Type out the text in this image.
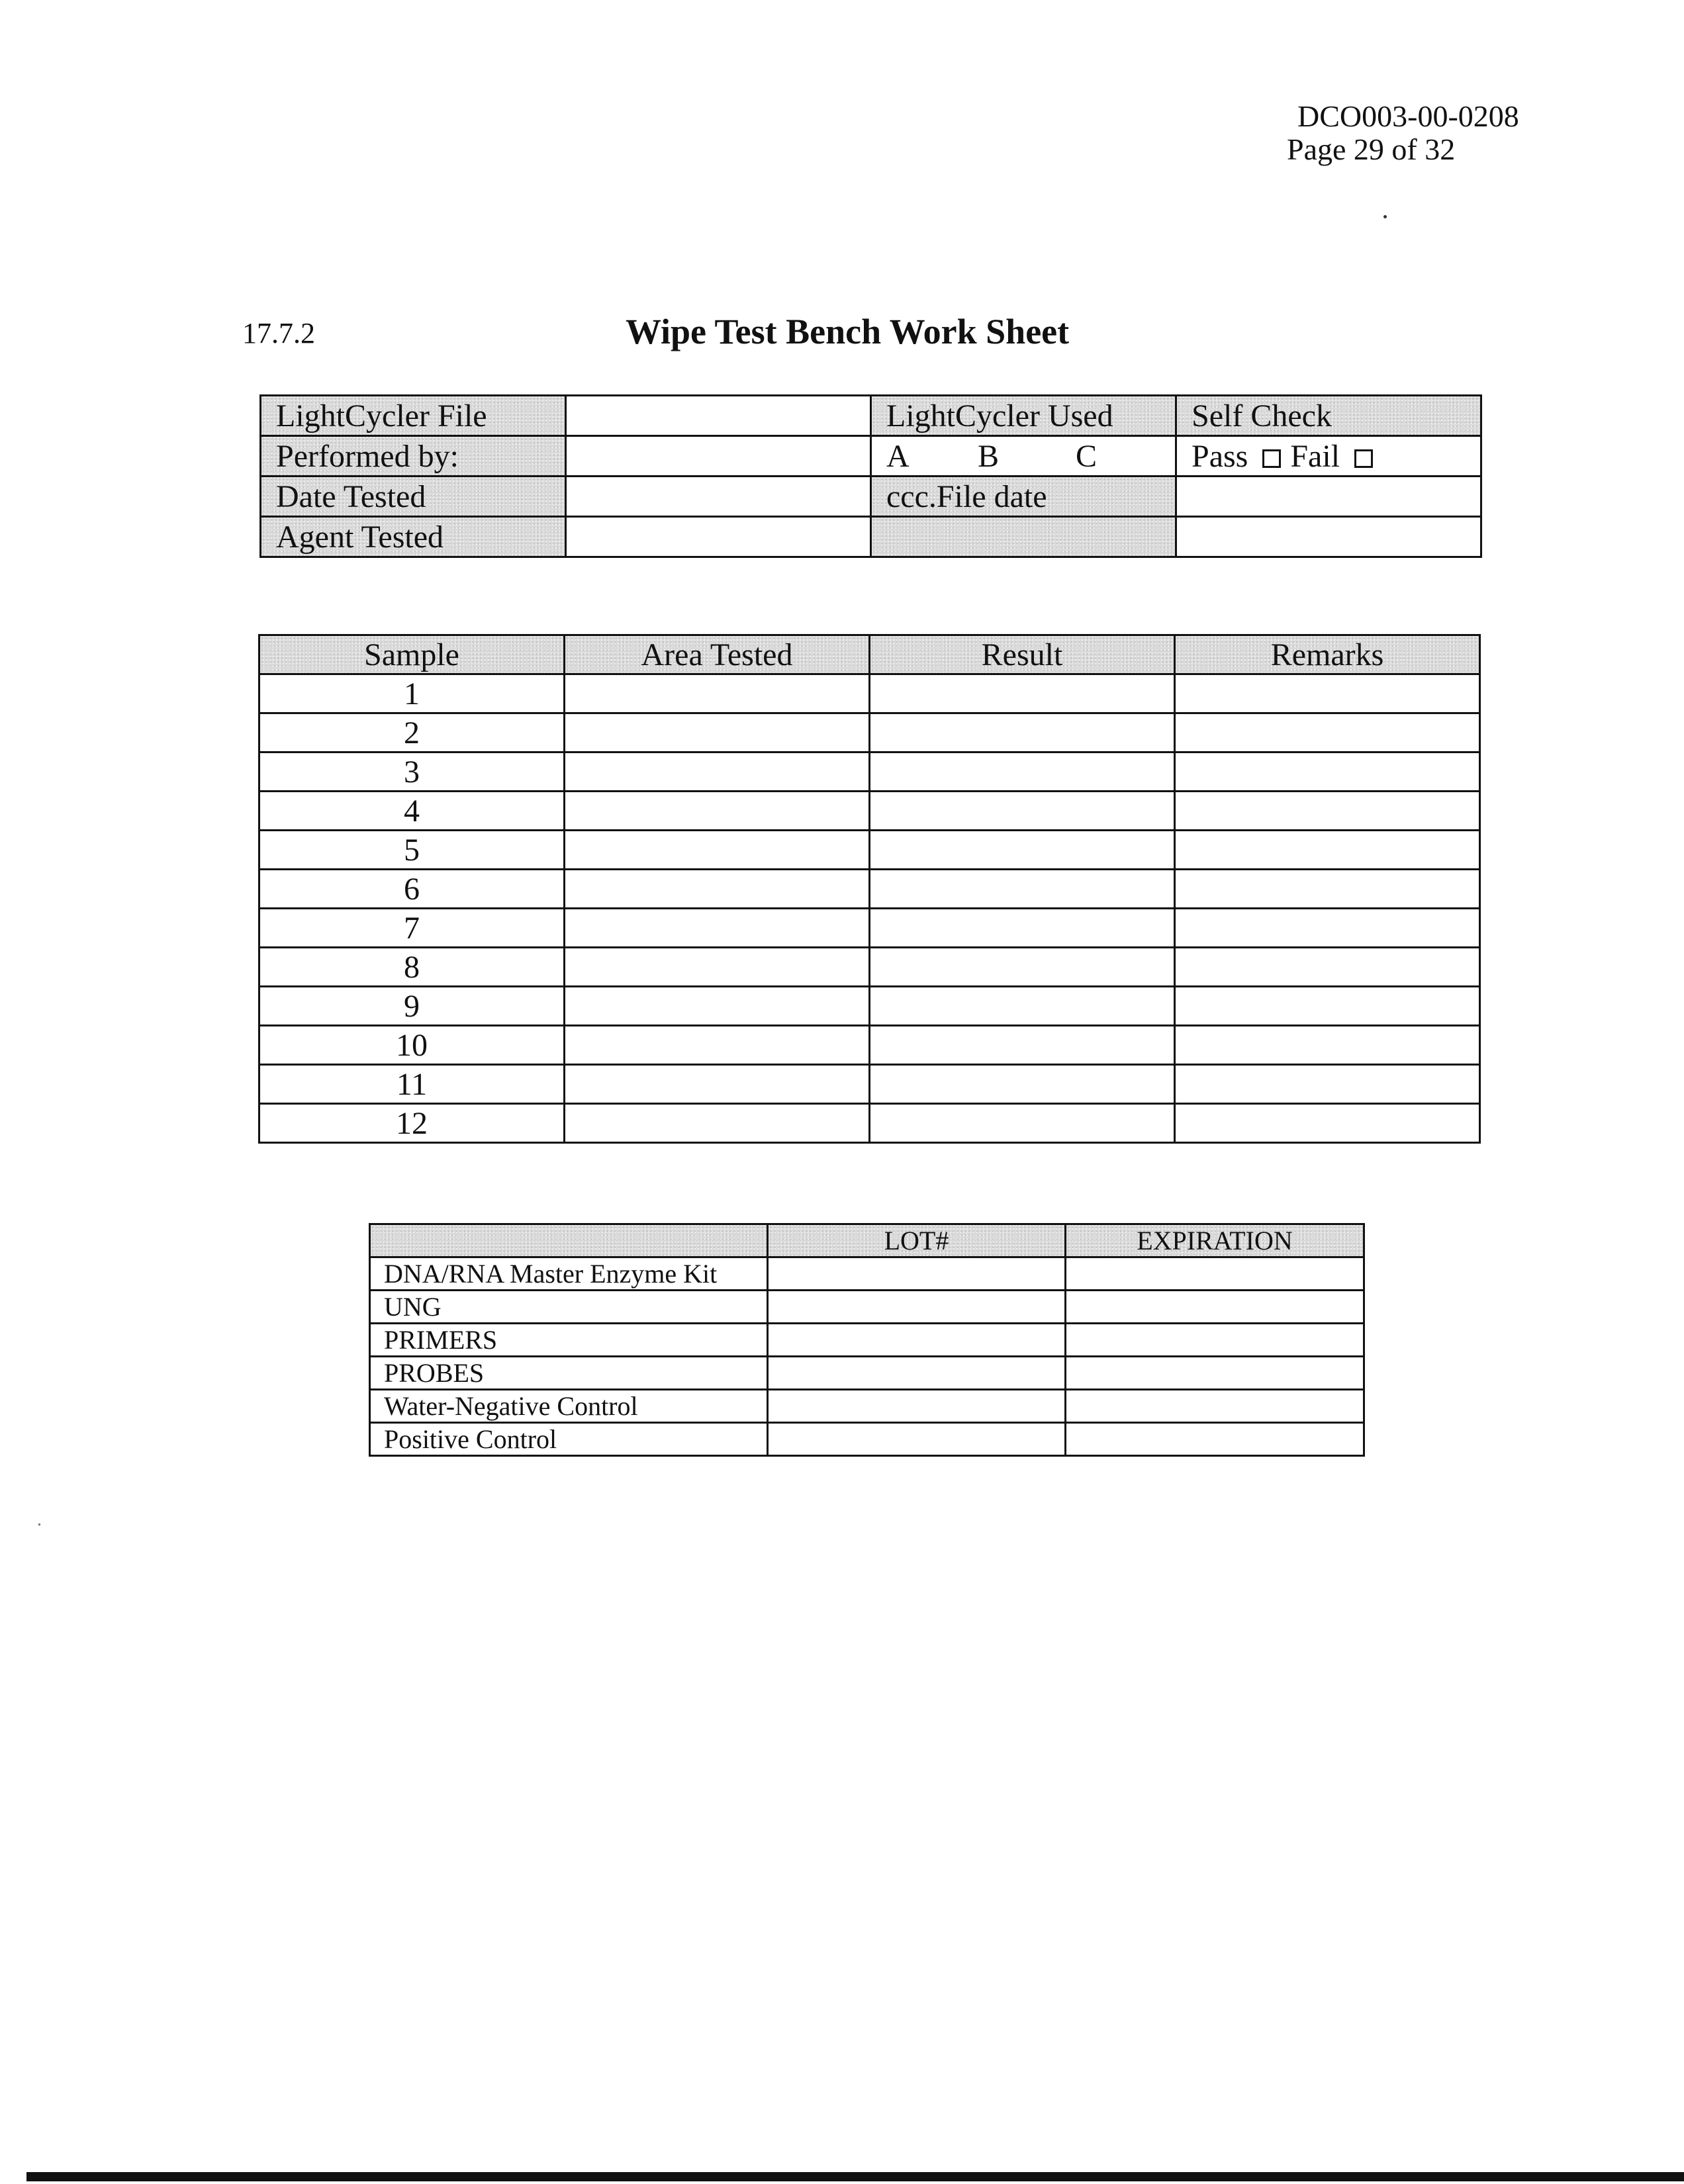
DCO003-00-0208
Page 29 of 32
17.7.2	Wipe Test Bench Work Sheet
LightCycler File		LightCycler Used	Self Check
Performed by:		A B C	Pass Fail
Date Tested		ccc.File date	
Agent Tested			
Sample	Area Tested	Result	Remarks
1			
2			
3			
4			
5			
6			
7			
8			
9			
10			
11			
12			
	LOT#	EXPIRATION
DNA/RNA Master Enzyme Kit		
UNG		
PRIMERS		
PROBES		
Water-Negative Control		
Positive Control		
